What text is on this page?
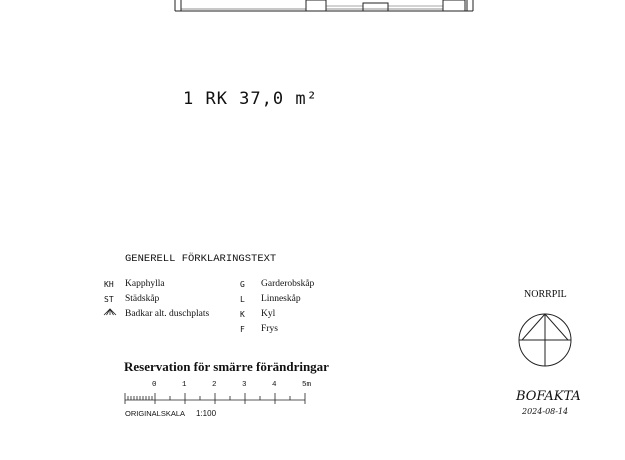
1 RK 37,0 m²
GENERELL FÖRKLARINGSTEXT
KH Kapphylla
ST Städskåp
Badkar alt. duschplats
G Garderobskåp
L Linneskåp
K Kyl
F Frys
Reservation för smärre förändringar
0	1	2	3	4	5m
ORIGINALSKALA 1:100
NORRPIL
BOFAKTA
2024-08-14
